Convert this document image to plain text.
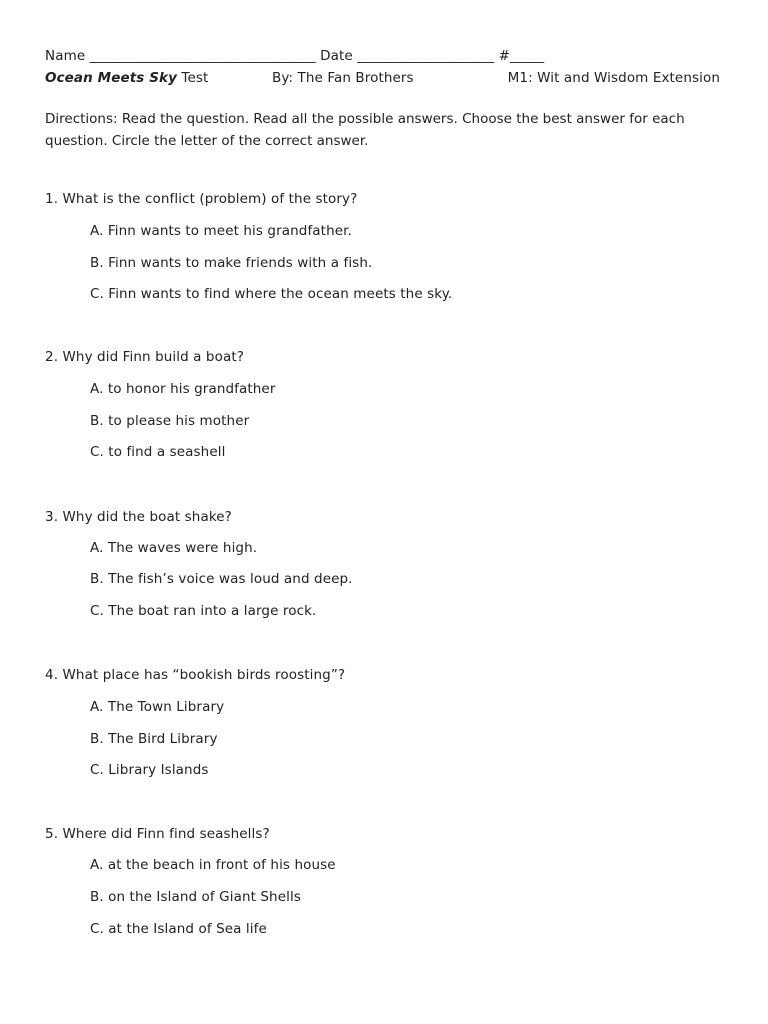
Name _________________________________ Date ____________________ #_____
Ocean Meets Sky Test	By: The Fan Brothers	M1: Wit and Wisdom Extension
Directions: Read the question. Read all the possible answers. Choose the best answer for each question. Circle the letter of the correct answer.
1. What is the conflict (problem) of the story?
A. Finn wants to meet his grandfather.
B. Finn wants to make friends with a fish.
C. Finn wants to find where the ocean meets the sky.
2. Why did Finn build a boat?
A. to honor his grandfather
B. to please his mother
C. to find a seashell
3. Why did the boat shake?
A. The waves were high.
B. The fish’s voice was loud and deep.
C. The boat ran into a large rock.
4. What place has “bookish birds roosting”?
A. The Town Library
B. The Bird Library
C. Library Islands
5. Where did Finn find seashells?
A. at the beach in front of his house
B. on the Island of Giant Shells
C. at the Island of Sea life
